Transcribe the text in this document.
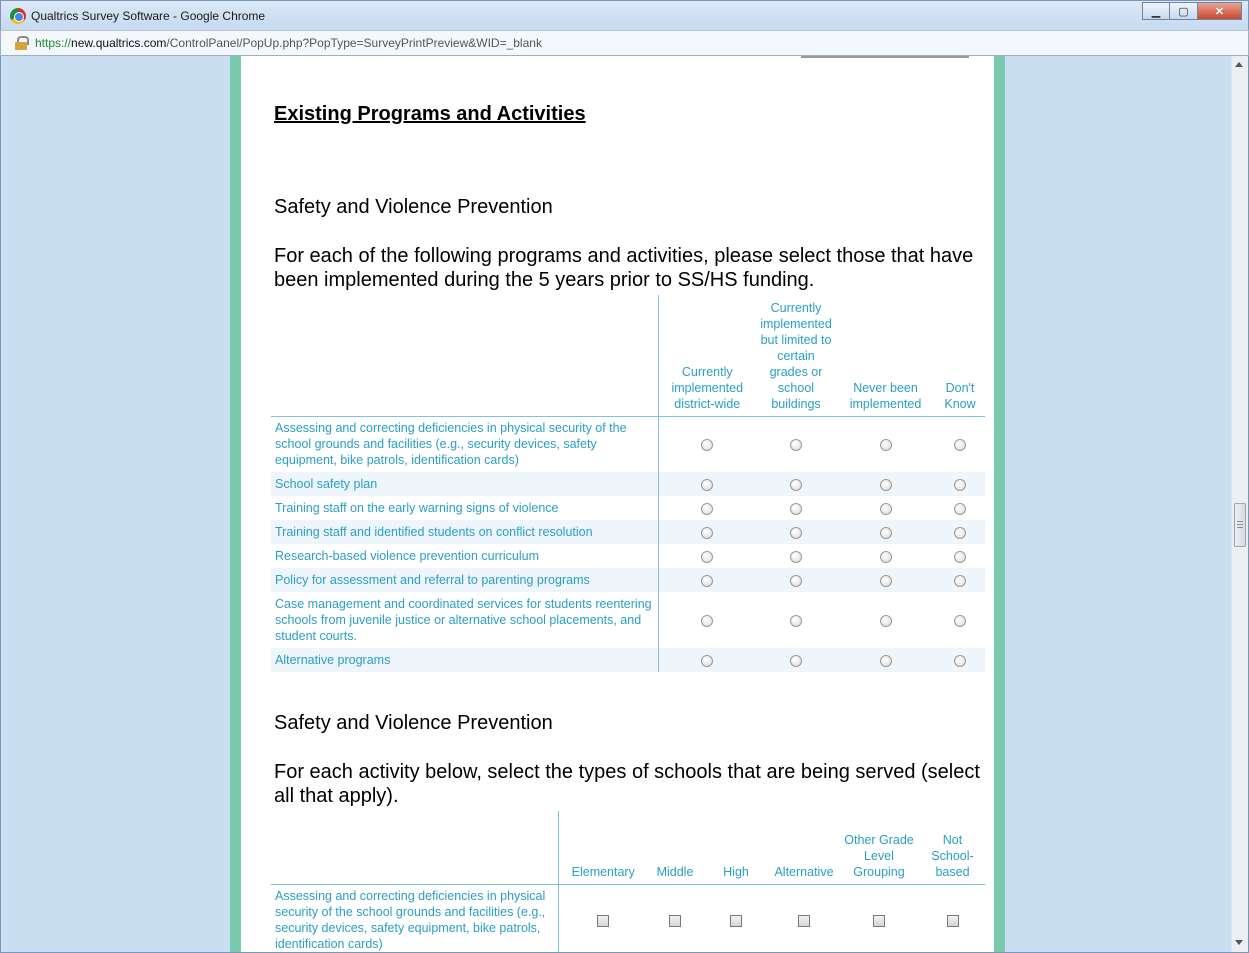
Qualtrics Survey Software - Google Chrome	▁	▢	✕
https://new.qualtrics.com/ControlPanel/PopUp.php?PopType=SurveyPrintPreview&WID=_blank
Existing Programs and Activities
Safety and Violence Prevention
For each of the following programs and activities, please select those that have been implemented during the 5 years prior to SS/HS funding.
	Currently implemented district-wide	Currently implemented but limited to certain grades or school buildings	Never been implemented	Don't Know
Assessing and correcting deficiencies in physical security of the school grounds and facilities (e.g., security devices, safety equipment, bike patrols, identification cards)				
School safety plan				
Training staff on the early warning signs of violence				
Training staff and identified students on conflict resolution				
Research-based violence prevention curriculum				
Policy for assessment and referral to parenting programs				
Case management and coordinated services for students reentering schools from juvenile justice or alternative school placements, and student courts.				
Alternative programs				
Safety and Violence Prevention
For each activity below, select the types of schools that are being served (select all that apply).
	Elementary	Middle	High	Alternative	Other Grade Level Grouping	Not School-based
Assessing and correcting deficiencies in physical security of the school grounds and facilities (e.g., security devices, safety equipment, bike patrols, identification cards)						
